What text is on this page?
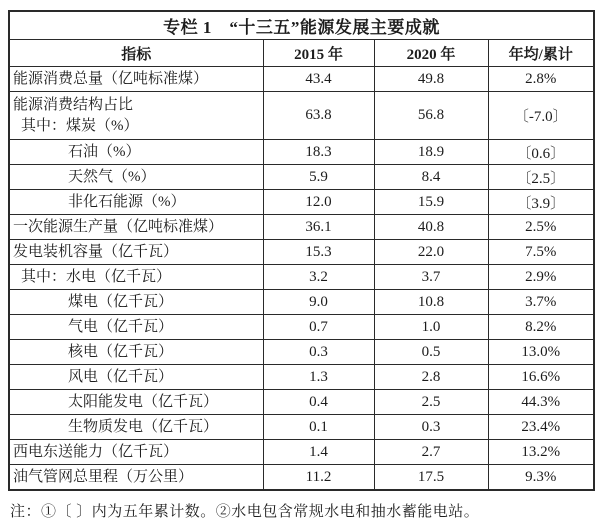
专栏 1　“十三五”能源发展主要成就			
指标	2015 年	2020 年	年均/累计

能源消费总量（亿吨标准煤）	43.4	49.8	2.8%

能源消费结构占比
其中：煤炭（%）	63.8	56.8	〔-7.0〕

石油（%）	18.3	18.9	〔0.6〕

天然气（%）	5.9	8.4	〔2.5〕

非化石能源（%）	12.0	15.9	〔3.9〕

一次能源生产量（亿吨标准煤）	36.1	40.8	2.5%

发电装机容量（亿千瓦）	15.3	22.0	7.5%

其中：水电（亿千瓦）	3.2	3.7	2.9%

煤电（亿千瓦）	9.0	10.8	3.7%

气电（亿千瓦）	0.7	1.0	8.2%

核电（亿千瓦）	0.3	0.5	13.0%

风电（亿千瓦）	1.3	2.8	16.6%

太阳能发电（亿千瓦）	0.4	2.5	44.3%

生物质发电（亿千瓦）	0.1	0.3	23.4%

西电东送能力（亿千瓦）	1.4	2.7	13.2%

油气管网总里程（万公里）	11.2	17.5	9.3%
注：①〔 〕内为五年累计数。②水电包含常规水电和抽水蓄能电站。
